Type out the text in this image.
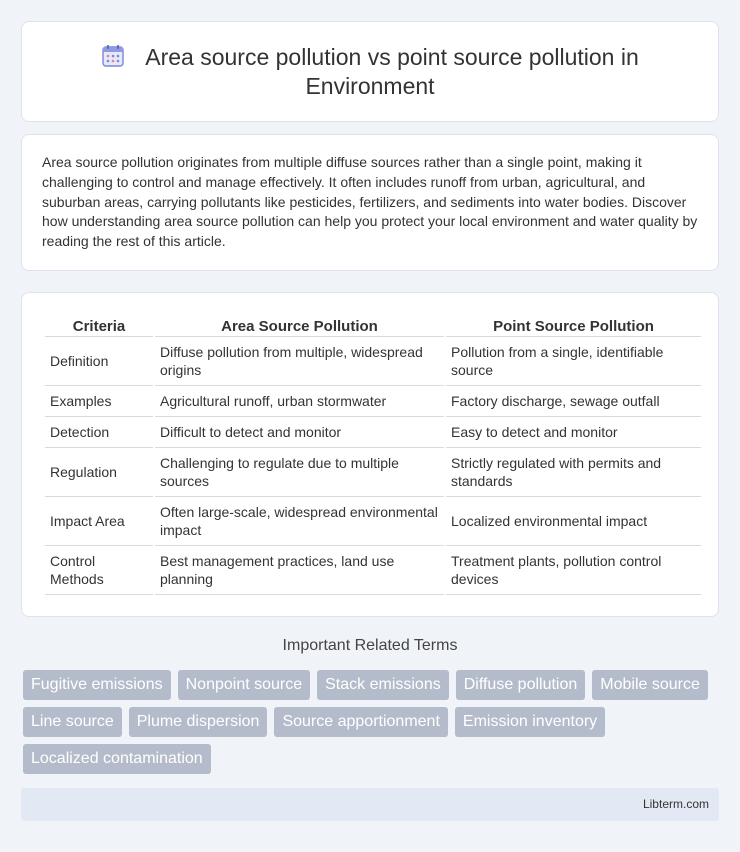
Area source pollution vs point source pollution in Environment

Area source pollution originates from multiple diffuse sources rather than a single point, making it challenging to control and manage effectively. It often includes runoff from urban, agricultural, and suburban areas, carrying pollutants like pesticides, fertilizers, and sediments into water bodies. Discover how understanding area source pollution can help you protect your local environment and water quality by reading the rest of this article.

Criteria	Area Source Pollution	Point Source Pollution
Definition	Diffuse pollution from multiple, widespread origins	Pollution from a single, identifiable source
Examples	Agricultural runoff, urban stormwater	Factory discharge, sewage outfall
Detection	Difficult to detect and monitor	Easy to detect and monitor
Regulation	Challenging to regulate due to multiple sources	Strictly regulated with permits and standards
Impact Area	Often large-scale, widespread environmental impact	Localized environmental impact
Control Methods	Best management practices, land use planning	Treatment plants, pollution control devices
Important Related Terms
Fugitive emissions	Nonpoint source	Stack emissions	Diffuse pollution	Mobile source
Line source	Plume dispersion	Source apportionment	Emission inventory
Localized contamination
Libterm.com
